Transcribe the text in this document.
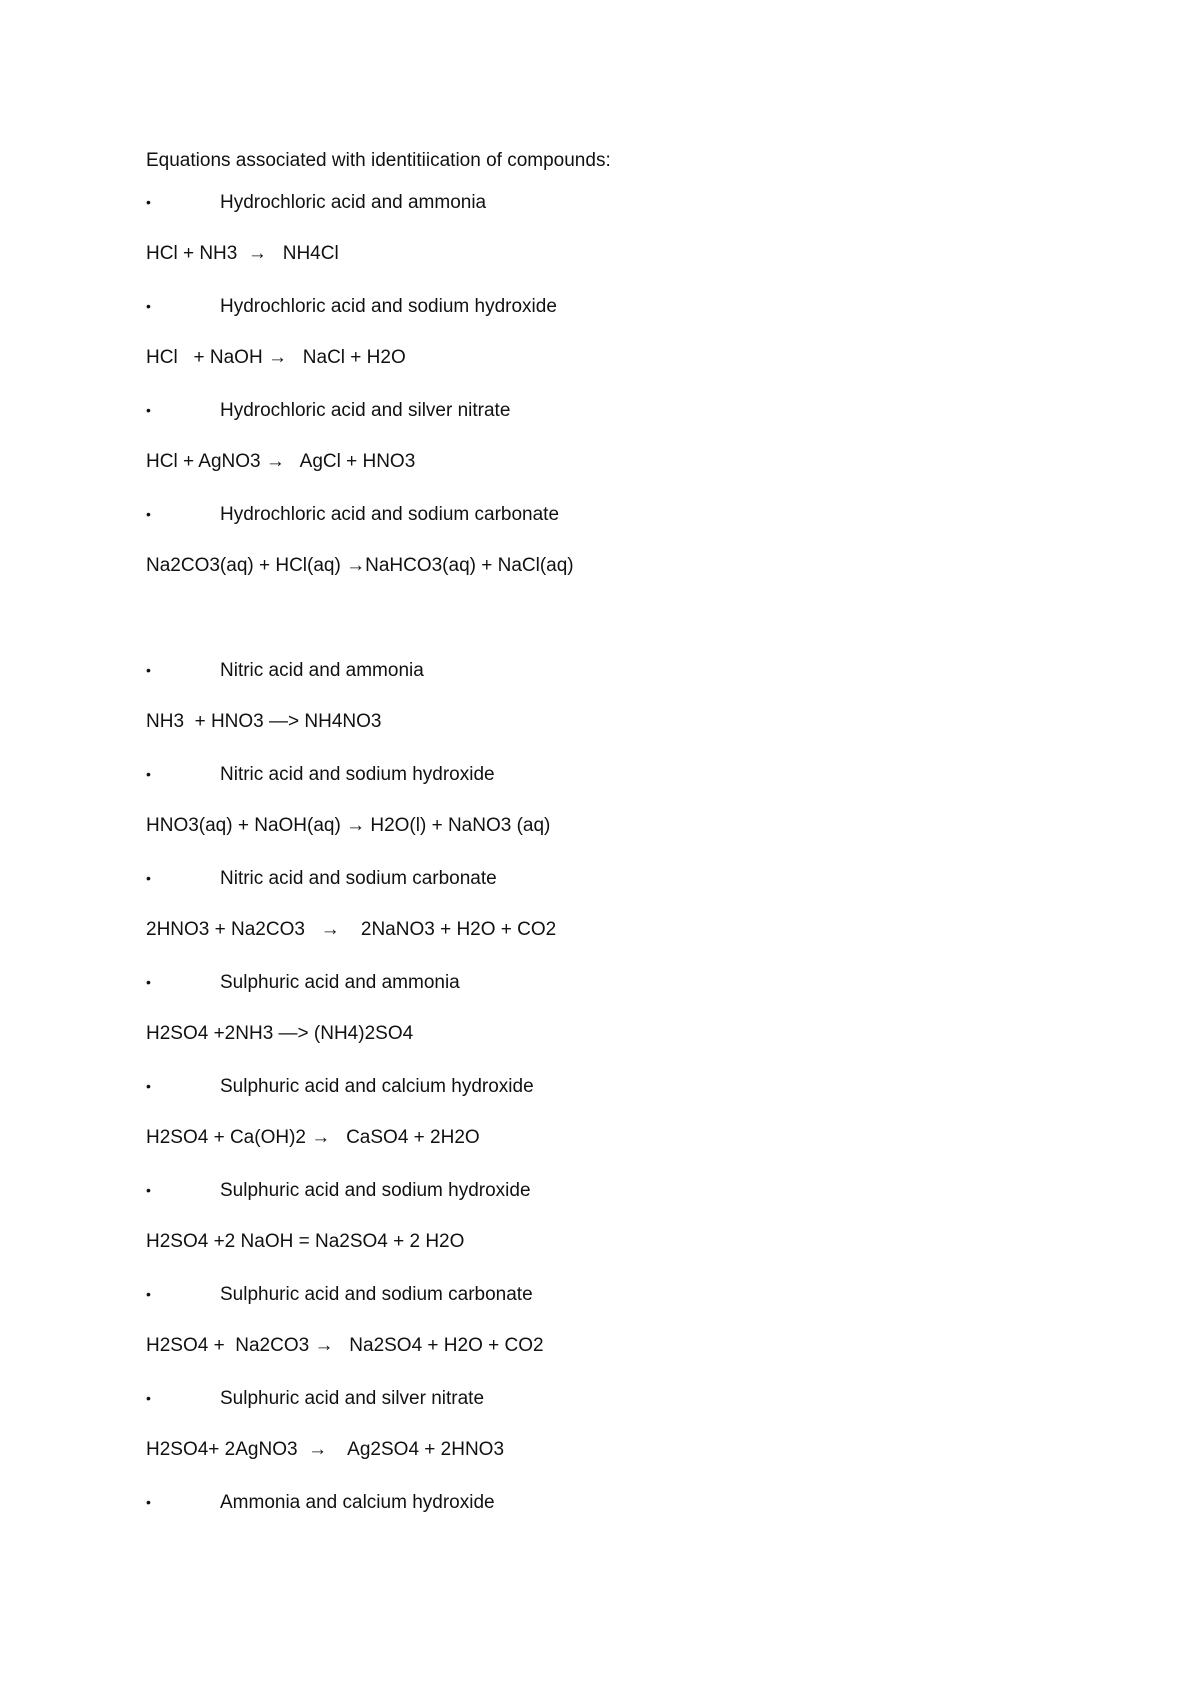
Equations associated with identitiication of compounds:

•	Hydrochloric acid and ammonia
HCl + NH3  →   NH4Cl
•	Hydrochloric acid and sodium hydroxide
HCl   + NaOH →   NaCl + H2O
•	Hydrochloric acid and silver nitrate
HCl + AgNO3 →   AgCl + HNO3
•	Hydrochloric acid and sodium carbonate
Na2CO3(aq) + HCl(aq) →NaHCO3(aq) + NaCl(aq)
•	Nitric acid and ammonia
NH3  + HNO3 —> NH4NO3
•	Nitric acid and sodium hydroxide
HNO3(aq) + NaOH(aq) → H2O(l) + NaNO3 (aq)
•	Nitric acid and sodium carbonate
2HNO3 + Na2CO3   →    2NaNO3 + H2O + CO2
•	Sulphuric acid and ammonia
H2SO4 +2NH3 —> (NH4)2SO4
•	Sulphuric acid and calcium hydroxide
H2SO4 + Ca(OH)2 →   CaSO4 + 2H2O
•	Sulphuric acid and sodium hydroxide
H2SO4 +2 NaOH = Na2SO4 + 2 H2O
•	Sulphuric acid and sodium carbonate
H2SO4 +  Na2CO3 →   Na2SO4 + H2O + CO2
•	Sulphuric acid and silver nitrate
H2SO4+ 2AgNO3  →    Ag2SO4 + 2HNO3
•	Ammonia and calcium hydroxide
